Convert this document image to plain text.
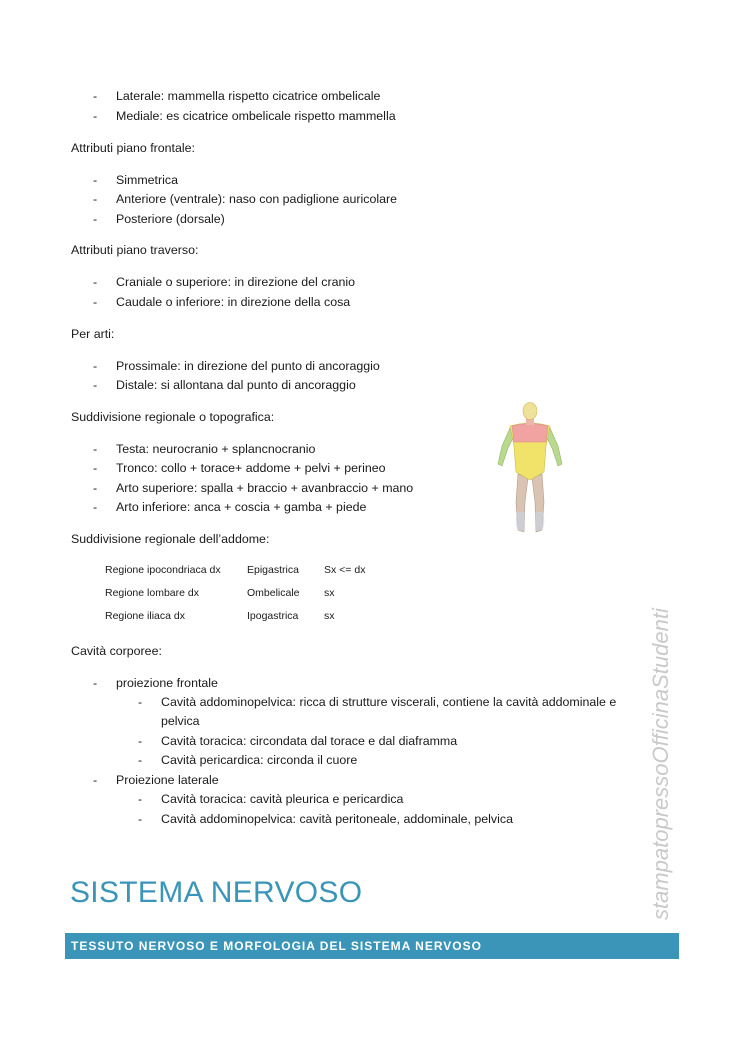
- Laterale: mammella rispetto cicatrice ombelicale
- Mediale: es cicatrice ombelicale rispetto mammella
Attributi piano frontale:
- Simmetrica
- Anteriore (ventrale): naso con padiglione auricolare
- Posteriore (dorsale)
Attributi piano traverso:
- Craniale o superiore: in direzione del cranio
- Caudale o inferiore: in direzione della cosa
Per arti:
- Prossimale: in direzione del punto di ancoraggio
- Distale: si allontana dal punto di ancoraggio
Suddivisione regionale o topografica:
- Testa: neurocranio + splancnocranio
- Tronco: collo + torace+ addome + pelvi + perineo
- Arto superiore: spalla + braccio + avanbraccio + mano
- Arto inferiore: anca + coscia + gamba + piede
Suddivisione regionale dell’addome:
Regione ipocondriaca dx	Epigastrica Sx <= dx
Regione lombare dx	Ombelicale sx
Regione iliaca dx	Ipogastrica sx
Cavità corporee:
- proiezione frontale
- Cavità addominopelvica: ricca di strutture viscerali, contiene la cavità addominale e
pelvica
- Cavità toracica: circondata dal torace e dal diaframma
- Cavità pericardica: circonda il cuore
- Proiezione laterale
- Cavità toracica: cavità pleurica e pericardica
- Cavità addominopelvica: cavità peritoneale, addominale, pelvica	stampatopressoOfficinaStudenti
SISTEMA NERVOSO
TESSUTO NERVOSO E MORFOLOGIA DEL SISTEMA NERVOSO
